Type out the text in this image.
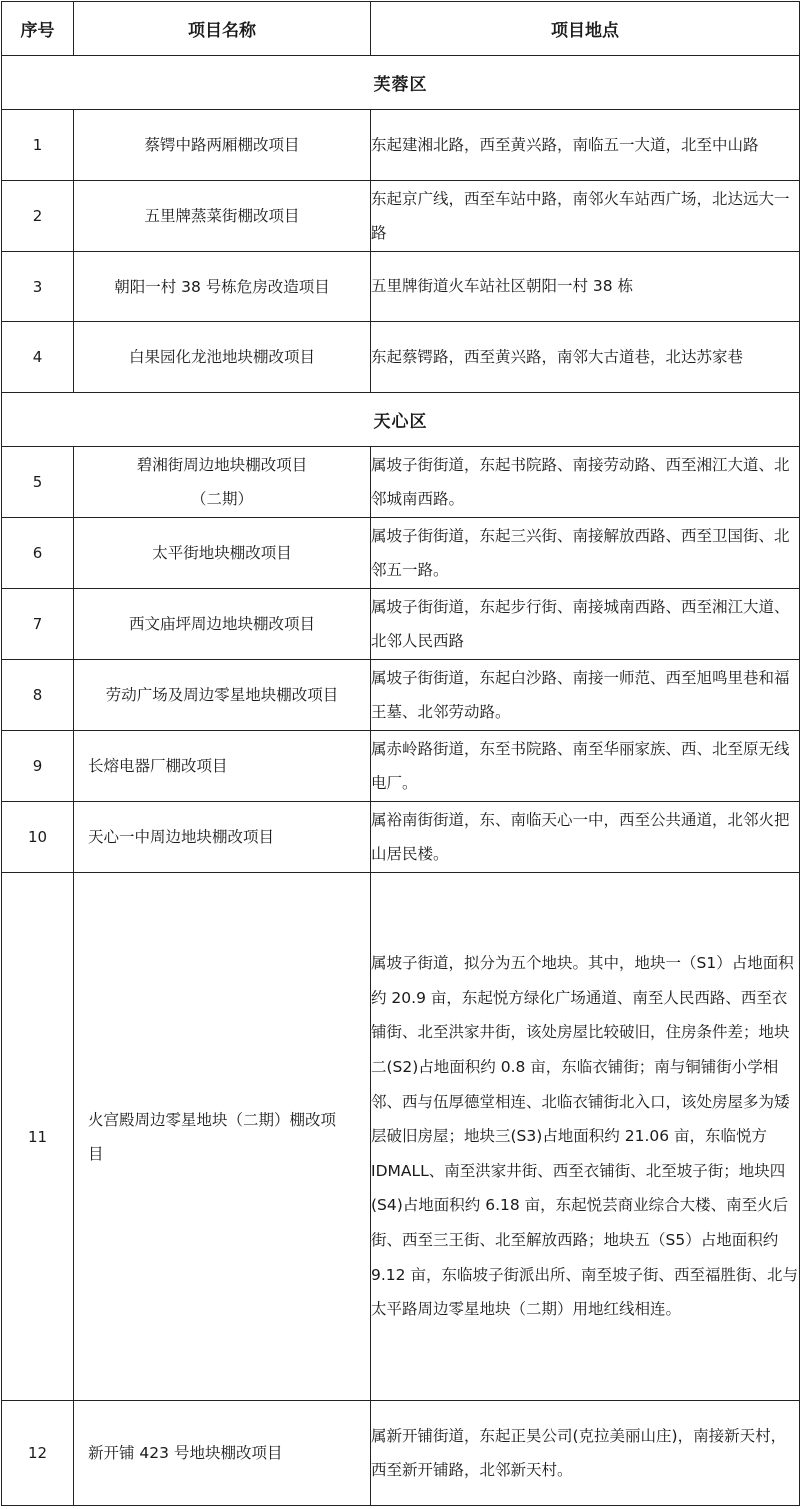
序号	项目名称	项目地点
芙蓉区		
1	蔡锷中路两厢棚改项目	东起建湘北路，西至黄兴路，南临五一大道，北至中山路
2	五里牌蒸菜街棚改项目	东起京广线，西至车站中路，南邻火车站西广场，北达远大一路
3	朝阳一村 38 号栋危房改造项目	五里牌街道火车站社区朝阳一村 38 栋
4	白果园化龙池地块棚改项目	东起蔡锷路，西至黄兴路，南邻大古道巷，北达苏家巷
天心区		
5	碧湘街周边地块棚改项目（二期）	属坡子街街道，东起书院路、南接劳动路、西至湘江大道、北邻城南西路。
6	太平街地块棚改项目	属坡子街街道，东起三兴街、南接解放西路、西至卫国街、北邻五一路。
7	西文庙坪周边地块棚改项目	属坡子街街道，东起步行街、南接城南西路、西至湘江大道、北邻人民西路
8	劳动广场及周边零星地块棚改项目	属坡子街街道，东起白沙路、南接一师范、西至旭鸣里巷和福王墓、北邻劳动路。
9	长熔电器厂棚改项目	属赤岭路街道，东至书院路、南至华丽家族、西、北至原无线电厂。
10	天心一中周边地块棚改项目	属裕南街街道，东、南临天心一中，西至公共通道，北邻火把山居民楼。
11	火宫殿周边零星地块（二期）棚改项目	属坡子街道，拟分为五个地块。其中，地块一（S1）占地面积约 20.9 亩，东起悦方绿化广场通道、南至人民西路、西至衣铺街、北至洪家井街，该处房屋比较破旧，住房条件差；地块二(S2)占地面积约 0.8 亩，东临衣铺街；南与铜铺街小学相邻、西与伍厚德堂相连、北临衣铺街北入口，该处房屋多为矮层破旧房屋；地块三(S3)占地面积约 21.06 亩，东临悦方IDMALL、南至洪家井街、西至衣铺街、北至坡子街；地块四(S4)占地面积约 6.18 亩，东起悦芸商业综合大楼、南至火后街、西至三王街、北至解放西路；地块五（S5）占地面积约 9.12 亩，东临坡子街派出所、南至坡子街、西至福胜街、北与太平路周边零星地块（二期）用地红线相连。
12	新开铺 423 号地块棚改项目	属新开铺街道，东起正昊公司(克拉美丽山庄)，南接新天村，西至新开铺路，北邻新天村。
